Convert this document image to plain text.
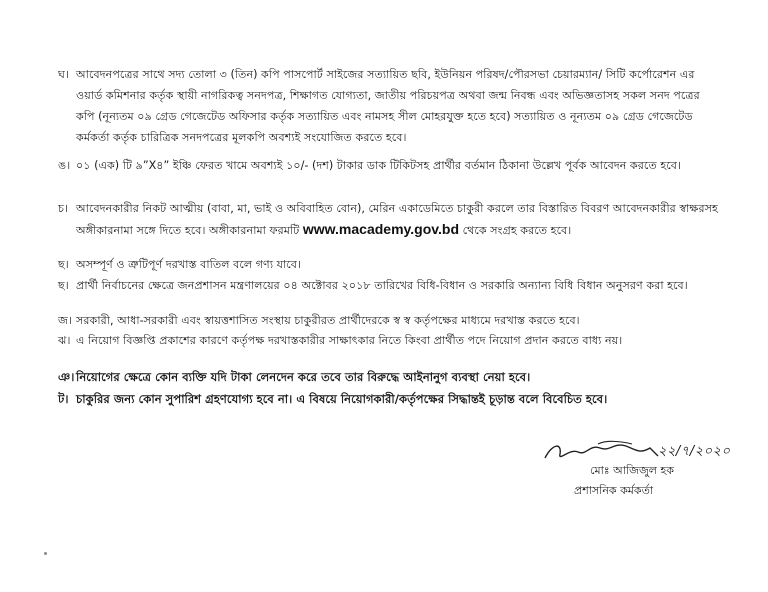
ঘ। আবেদনপত্রের সাথে সদ্য তোলা ৩ (তিন) কপি পাসপোর্ট সাইজের সত্যায়িত ছবি, ইউনিয়ন পরিষদ/পৌরসভা চেয়ারম্যান/ সিটি কর্পোরেশন এর ওয়ার্ড কমিশনার কর্তৃক স্থায়ী নাগরিকত্ব সনদপত্র, শিক্ষাগত যোগ্যতা, জাতীয় পরিচয়পত্র অথবা জন্ম নিবন্ধ এবং অভিজ্ঞতাসহ সকল সনদ পত্রের কপি (নূন্যতম ০৯ গ্রেড গেজেটেড অফিসার কর্তৃক সত্যায়িত এবং নামসহ সীল মোহরযুক্ত হতে হবে) সত্যায়িত ও নূন্যতম ০৯ গ্রেড গেজেটেড কর্মকর্তা কর্তৃক চারিত্রিক সনদপত্রের মূলকপি অবশ্যই সংযোজিত করতে হবে।
ঙ। ০১ (এক) টি ৯”X৪” ইঞ্চি ফেরত খামে অবশ্যই ১০/- (দশ) টাকার ডাক টিকিটসহ প্রার্থীর বর্তমান ঠিকানা উল্লেখ পূর্বক আবেদন করতে হবে।
চ। আবেদনকারীর নিকট আত্মীয় (বাবা, মা, ভাই ও অবিবাহিত বোন), মেরিন একাডেমিতে চাকুরী করলে তার বিস্তারিত বিবরণ আবেদনকারীর স্বাক্ষরসহ অঙ্গীকারনামা সঙ্গে দিতে হবে। অঙ্গীকারনামা ফরমটি www.macademy.gov.bd থেকে সংগ্রহ করতে হবে।
ছ। অসম্পূর্ণ ও ত্রুটিপূর্ণ দরখাস্ত বাতিল বলে গণ্য যাবে।
ছ। প্রার্থী নির্বাচনের ক্ষেত্রে জনপ্রশাসন মন্ত্রণালয়ের ০৪ অক্টোবর ২০১৮ তারিখের বিধি-বিধান ও সরকারি অন্যান্য বিধি বিধান অনুসরণ করা হবে।
জ। সরকারী, আধা-সরকারী এবং স্বায়ত্তশাসিত সংস্থায় চাকুরীরত প্রার্থীদেরকে স্ব স্ব কর্তৃপক্ষের মাধ্যমে দরখাস্ত করতে হবে।
ঝ। এ নিয়োগ বিজ্ঞপ্তি প্রকাশের কারণে কর্তৃপক্ষ দরখাস্তকারীর সাক্ষাৎকার নিতে কিংবা প্রার্থীত পদে নিয়োগ প্রদান করতে বাধ্য নয়।
ঞ। নিয়োগের ক্ষেত্রে কোন ব্যক্তি যদি টাকা লেনদেন করে তবে তার বিরুদ্ধে আইনানুগ ব্যবস্থা নেয়া হবে।
ট। চাকুরির জন্য কোন সুপারিশ গ্রহণযোগ্য হবে না। এ বিষয়ে নিয়োগকারী/কর্তৃপক্ষের সিদ্ধান্তই চূড়ান্ত বলে বিবেচিত হবে।
২২/৭/২০২০
মোঃ আজিজুল হক
প্রশাসনিক কর্মকর্তা
